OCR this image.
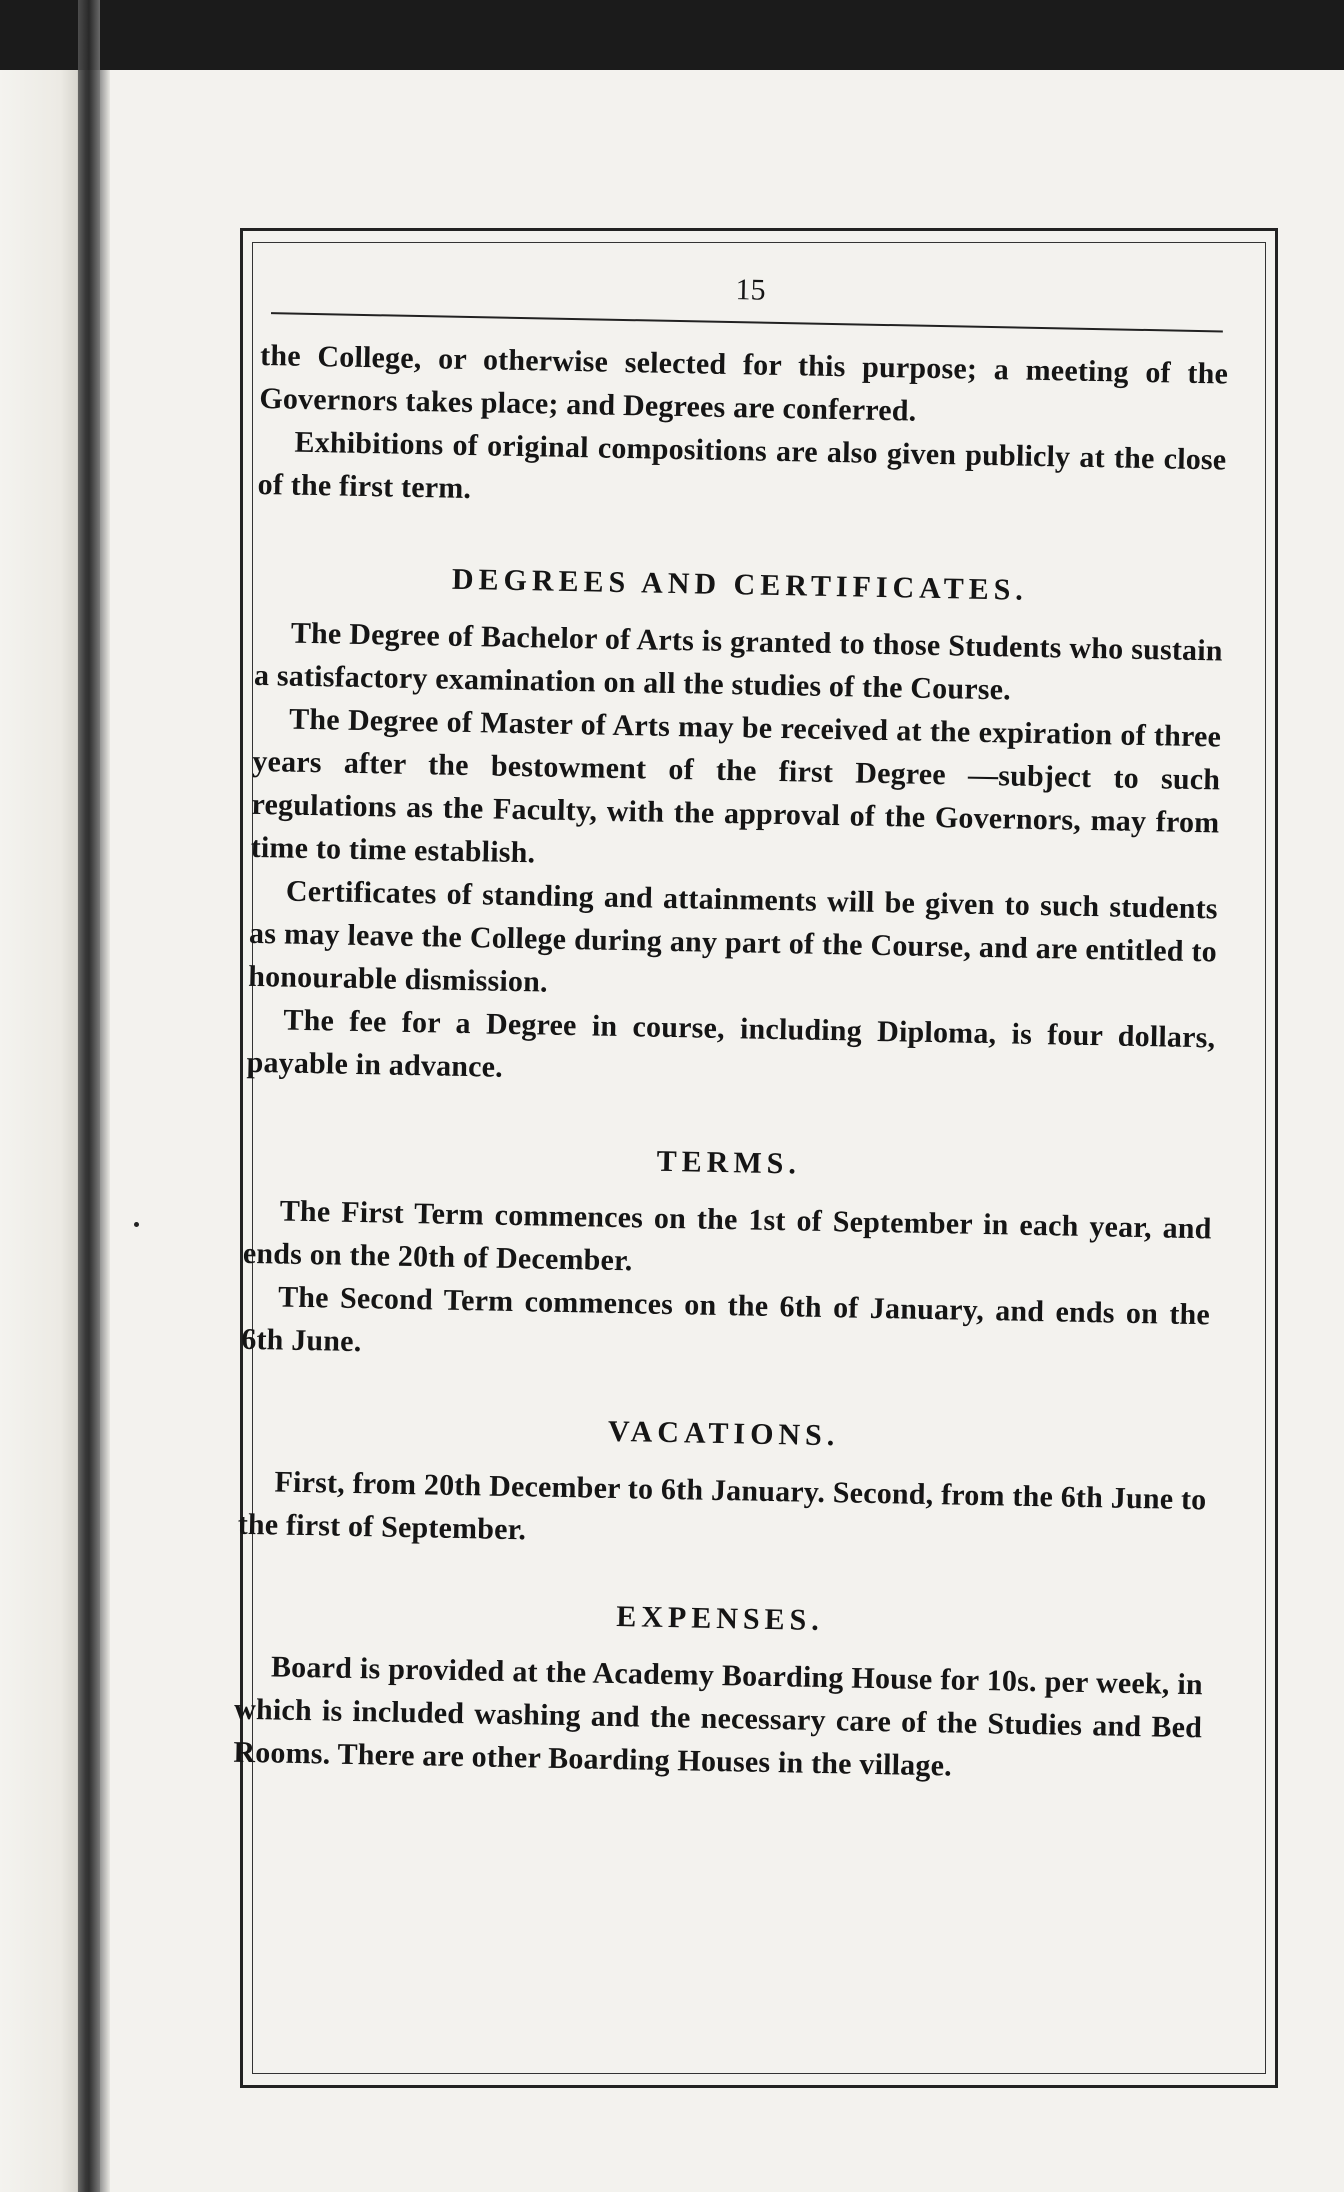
15

the College, or otherwise selected for this purpose; a meeting of the Governors takes place; and Degrees are conferred.

Exhibitions of original compositions are also given publicly at the close of the first term.

DEGREES AND CERTIFICATES.

The Degree of Bachelor of Arts is granted to those Students who sustain a satisfactory examination on all the studies of the Course.

The Degree of Master of Arts may be received at the expiration of three years after the bestowment of the first Degree —subject to such regulations as the Faculty, with the approval of the Governors, may from time to time establish.

Certificates of standing and attainments will be given to such students as may leave the College during any part of the Course, and are entitled to honourable dismission.

The fee for a Degree in course, including Diploma, is four dollars, payable in advance.

TERMS.

The First Term commences on the 1st of September in each year, and ends on the 20th of December.

The Second Term commences on the 6th of January, and ends on the 6th June.

VACATIONS.

First, from 20th December to 6th January. Second, from the 6th June to the first of September.

EXPENSES.

Board is provided at the Academy Boarding House for 10s. per week, in which is included washing and the necessary care of the Studies and Bed Rooms. There are other Boarding Houses in the village.
